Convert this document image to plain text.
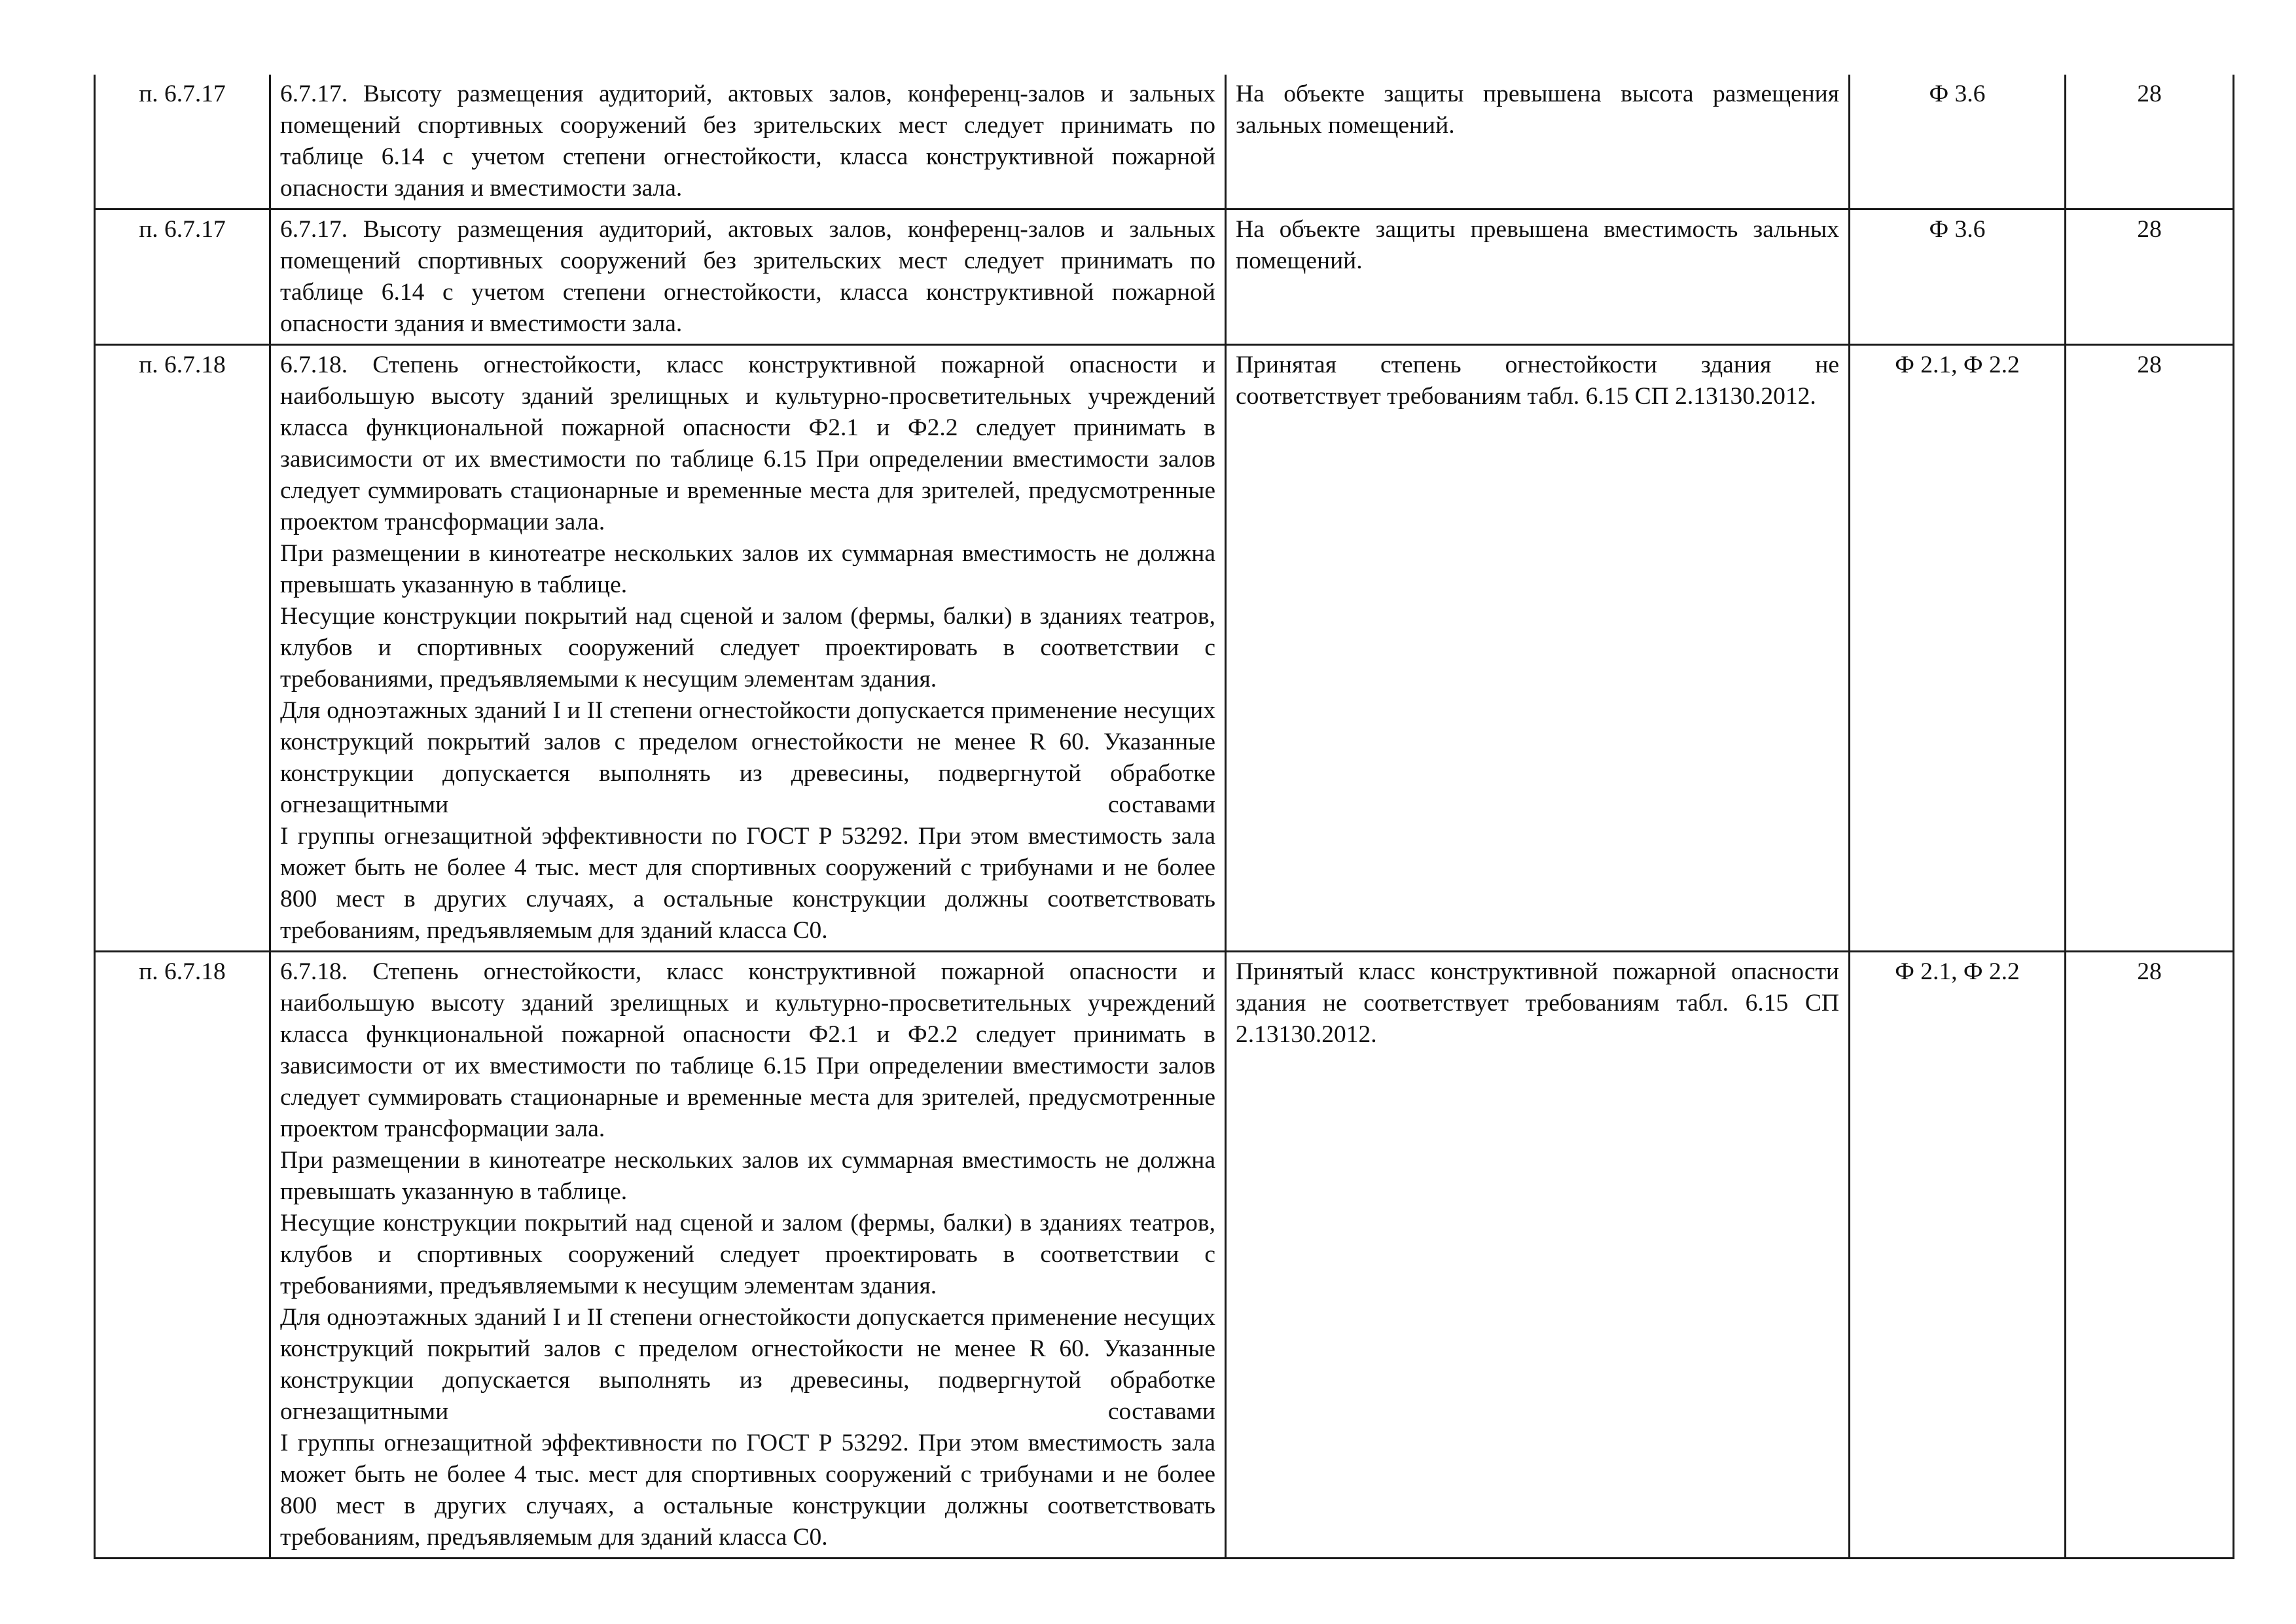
п. 6.7.17	6.7.17. Высоту размещения аудиторий, актовых залов, конференц-залов и зальных помещений спортивных сооружений без зрительских мест следует принимать по таблице 6.14 с учетом степени огнестойкости, класса конструктивной пожарной опасности здания и вместимости зала.	На объекте защиты превышена высота размещения зальных помещений.	Ф 3.6	28
п. 6.7.17	6.7.17. Высоту размещения аудиторий, актовых залов, конференц-залов и зальных помещений спортивных сооружений без зрительских мест следует принимать по таблице 6.14 с учетом степени огнестойкости, класса конструктивной пожарной опасности здания и вместимости зала.	На объекте защиты превышена вместимость зальных помещений.	Ф 3.6	28
п. 6.7.18	6.7.18. Степень огнестойкости, класс конструктивной пожарной опасности и наибольшую высоту зданий зрелищных и культурно-просветительных учреждений класса функциональной пожарной опасности Ф2.1 и Ф2.2 следует принимать в зависимости от их вместимости по таблице 6.15 При определении вместимости залов следует суммировать стационарные и временные места для зрителей, предусмотренные проектом трансформации зала.
При размещении в кинотеатре нескольких залов их суммарная вместимость не должна превышать указанную в таблице.
Несущие конструкции покрытий над сценой и залом (фермы, балки) в зданиях театров, клубов и спортивных сооружений следует проектировать в соответствии с требованиями, предъявляемыми к несущим элементам здания.
Для одноэтажных зданий I и II степени огнестойкости допускается применение несущих конструкций покрытий залов с пределом огнестойкости не менее R 60. Указанные конструкции допускается выполнять из древесины, подвергнутой обработке огнезащитными составами
I группы огнезащитной эффективности по ГОСТ Р 53292. При этом вместимость зала может быть не более 4 тыс. мест для спортивных сооружений с трибунами и не более 800 мест в других случаях, а остальные конструкции должны соответствовать требованиям, предъявляемым для зданий класса С0.	Принятая степень огнестойкости здания не соответствует требованиям табл. 6.15 СП 2.13130.2012.	Ф 2.1, Ф 2.2	28
п. 6.7.18	6.7.18. Степень огнестойкости, класс конструктивной пожарной опасности и наибольшую высоту зданий зрелищных и культурно-просветительных учреждений класса функциональной пожарной опасности Ф2.1 и Ф2.2 следует принимать в зависимости от их вместимости по таблице 6.15 При определении вместимости залов следует суммировать стационарные и временные места для зрителей, предусмотренные проектом трансформации зала.
При размещении в кинотеатре нескольких залов их суммарная вместимость не должна превышать указанную в таблице.
Несущие конструкции покрытий над сценой и залом (фермы, балки) в зданиях театров, клубов и спортивных сооружений следует проектировать в соответствии с требованиями, предъявляемыми к несущим элементам здания.
Для одноэтажных зданий I и II степени огнестойкости допускается применение несущих конструкций покрытий залов с пределом огнестойкости не менее R 60. Указанные конструкции допускается выполнять из древесины, подвергнутой обработке огнезащитными составами
I группы огнезащитной эффективности по ГОСТ Р 53292. При этом вместимость зала может быть не более 4 тыс. мест для спортивных сооружений с трибунами и не более 800 мест в других случаях, а остальные конструкции должны соответствовать требованиям, предъявляемым для зданий класса С0.	Принятый класс конструктивной пожарной опасности здания не соответствует требованиям табл. 6.15 СП 2.13130.2012.	Ф 2.1, Ф 2.2	28
